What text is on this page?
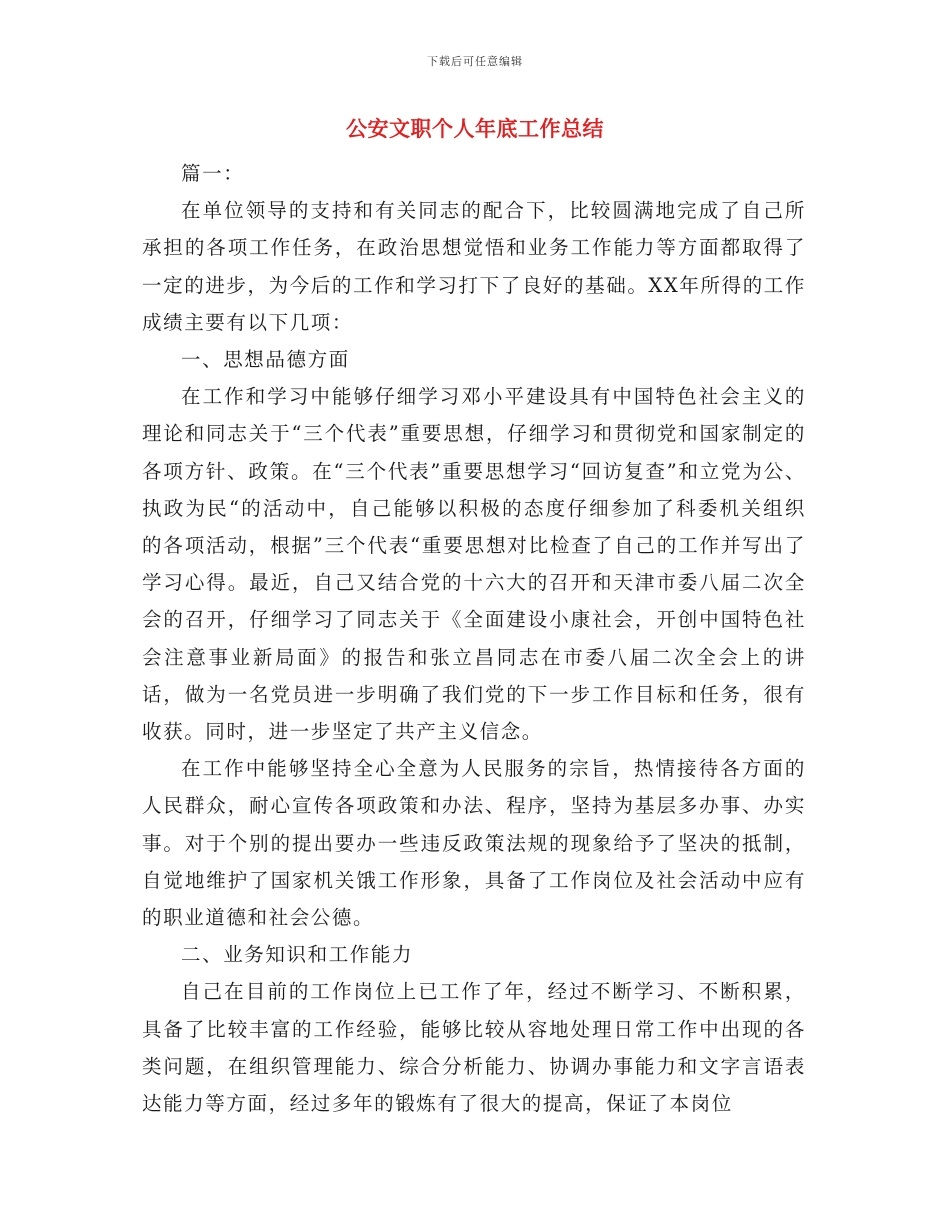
下载后可任意编辑
公安文职个人年底工作总结

篇一：

在单位领导的支持和有关同志的配合下，比较圆满地完成了自己所承担的各项工作任务，在政治思想觉悟和业务工作能力等方面都取得了一定的进步，为今后的工作和学习打下了良好的基础。XX年所得的工作成绩主要有以下几项：

一、思想品德方面

在工作和学习中能够仔细学习邓小平建设具有中国特色社会主义的理论和同志关于“三个代表”重要思想，仔细学习和贯彻党和国家制定的各项方针、政策。在“三个代表”重要思想学习“回访复查”和立党为公、执政为民“的活动中，自己能够以积极的态度仔细参加了科委机关组织的各项活动，根据”三个代表“重要思想对比检查了自己的工作并写出了学习心得。最近，自己又结合党的十六大的召开和天津市委八届二次全会的召开，仔细学习了同志关于《全面建设小康社会，开创中国特色社会注意事业新局面》的报告和张立昌同志在市委八届二次全会上的讲话，做为一名党员进一步明确了我们党的下一步工作目标和任务，很有收获。同时，进一步坚定了共产主义信念。

在工作中能够坚持全心全意为人民服务的宗旨，热情接待各方面的人民群众，耐心宣传各项政策和办法、程序，坚持为基层多办事、办实事。对于个别的提出要办一些违反政策法规的现象给予了坚决的抵制，自觉地维护了国家机关饿工作形象，具备了工作岗位及社会活动中应有的职业道德和社会公德。

二、业务知识和工作能力

自己在目前的工作岗位上已工作了年，经过不断学习、不断积累，具备了比较丰富的工作经验，能够比较从容地处理日常工作中出现的各类问题，在组织管理能力、综合分析能力、协调办事能力和文字言语表达能力等方面，经过多年的锻炼有了很大的提高，保证了本岗位
